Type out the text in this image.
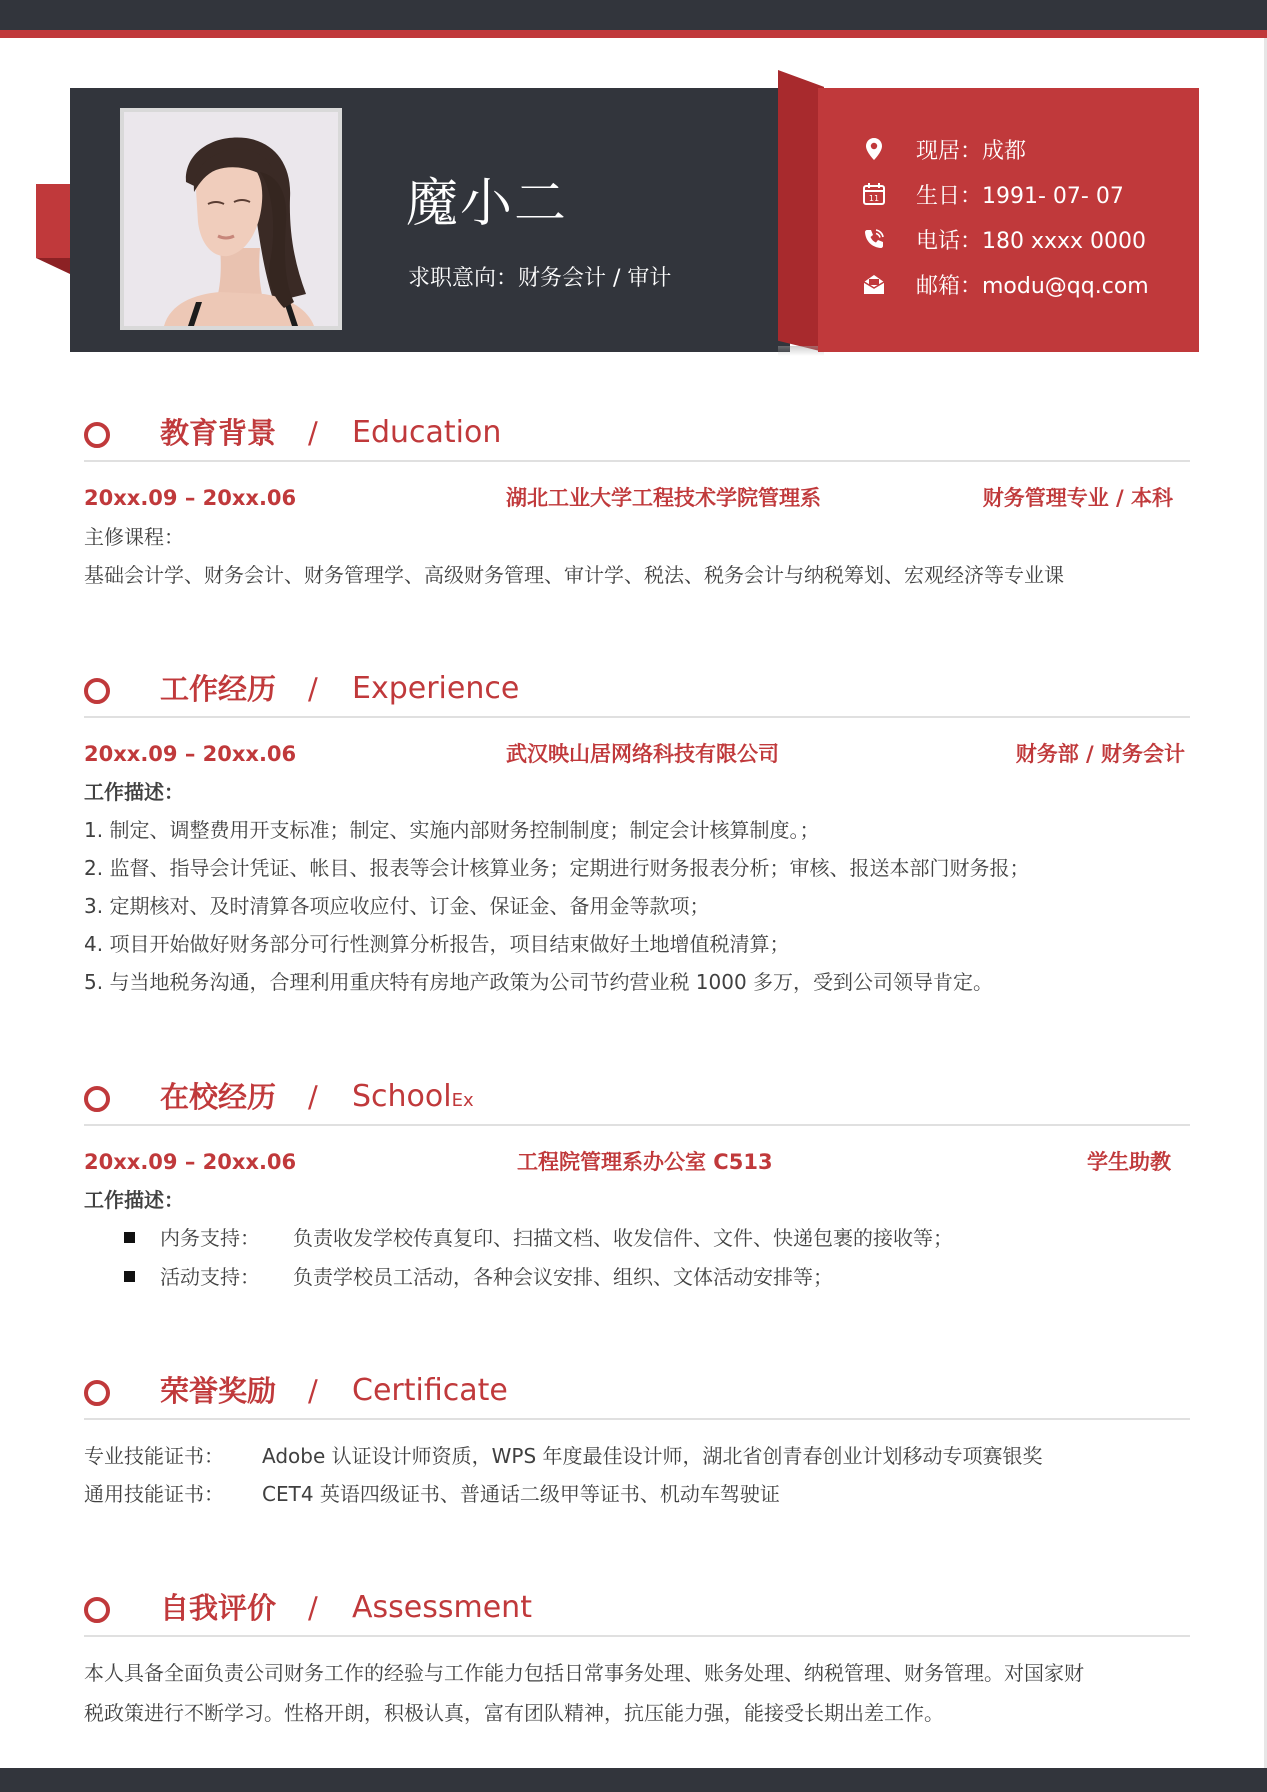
魔小二
求职意向：财务会计 / 审计
现居：成都
11 生日：1991- 07- 07
电话：180 xxxx 0000
邮箱：modu@qq.com
教育背景 / Education
20xx.09 – 20xx.06	湖北工业大学工程技术学院管理系	财务管理专业 / 本科
主修课程：
基础会计学、财务会计、财务管理学、高级财务管理、审计学、税法、税务会计与纳税筹划、宏观经济等专业课
工作经历 / Experience
20xx.09 – 20xx.06	武汉映山居网络科技有限公司	财务部 / 财务会计
工作描述：
1. 制定、调整费用开支标准；制定、实施内部财务控制制度；制定会计核算制度。；
2. 监督、指导会计凭证、帐目、报表等会计核算业务；定期进行财务报表分析；审核、报送本部门财务报；
3. 定期核对、及时清算各项应收应付、订金、保证金、备用金等款项；
4. 项目开始做好财务部分可行性测算分析报告，项目结束做好土地增值税清算；
5. 与当地税务沟通，合理利用重庆特有房地产政策为公司节约营业税 1000 多万，受到公司领导肯定。
在校经历 / SchoolEx
20xx.09 – 20xx.06	工程院管理系办公室 C513	学生助教
工作描述：
内务支持： 负责收发学校传真复印、扫描文档、收发信件、文件、快递包裹的接收等；
活动支持： 负责学校员工活动，各种会议安排、组织、文体活动安排等；
荣誉奖励 / Certificate
专业技能证书： Adobe 认证设计师资质，WPS 年度最佳设计师，湖北省创青春创业计划移动专项赛银奖
通用技能证书： CET4 英语四级证书、普通话二级甲等证书、机动车驾驶证
自我评价 / Assessment
本人具备全面负责公司财务工作的经验与工作能力包括日常事务处理、账务处理、纳税管理、财务管理。对国家财
税政策进行不断学习。性格开朗，积极认真，富有团队精神，抗压能力强，能接受长期出差工作。
